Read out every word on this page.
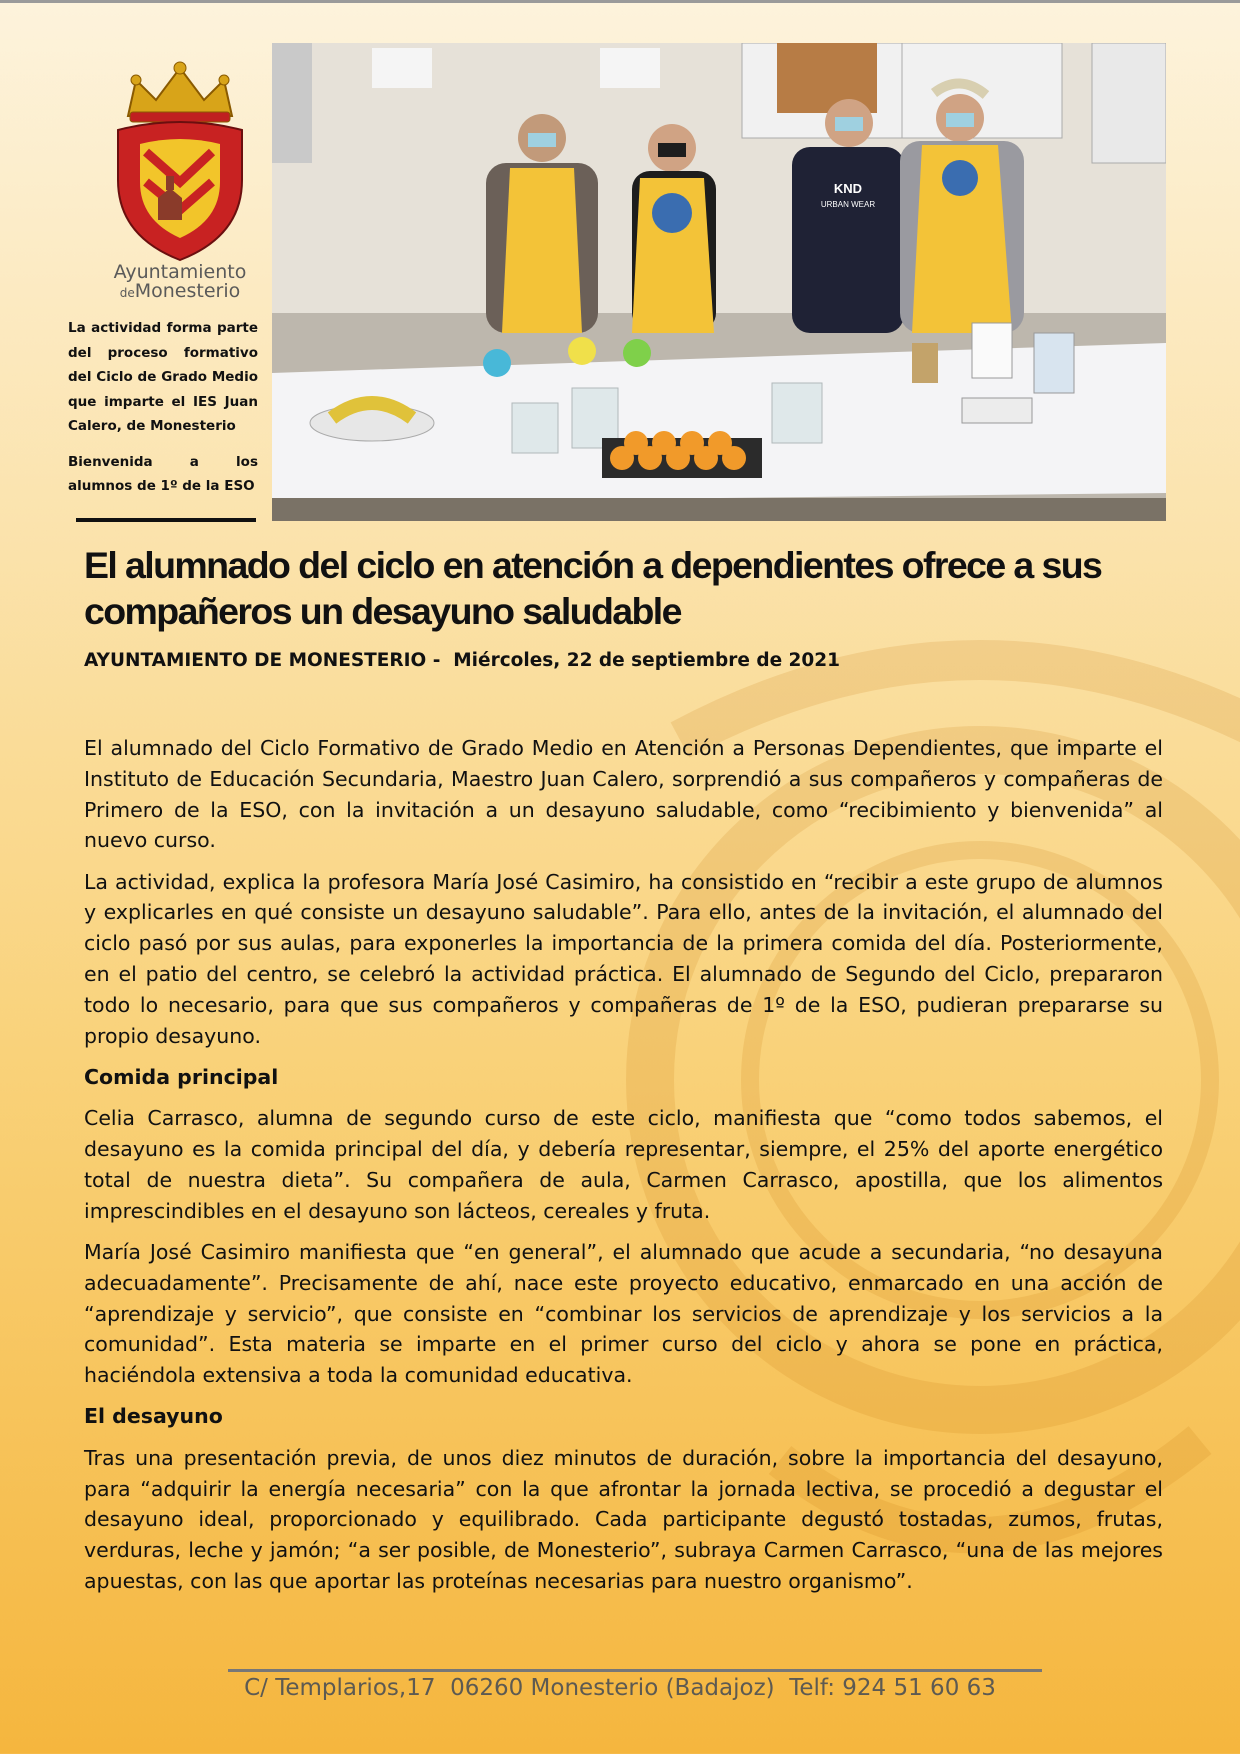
Ayuntamiento
deMonesterio

La actividad forma parte del proceso formativo del Ciclo de Grado Medio que imparte el IES Juan Calero, de Monesterio

Bienvenida a los alumnos de 1º de la ESO

KND
URBAN WEAR
El alumnado del ciclo en atención a dependientes ofrece a sus compañeros un desayuno saludable

AYUNTAMIENTO DE MONESTERIO -  Miércoles, 22 de septiembre de 2021

El alumnado del Ciclo Formativo de Grado Medio en Atención a Personas Dependientes, que imparte el Instituto de Educación Secundaria, Maestro Juan Calero, sorprendió a sus compañeros y compañeras de Primero de la ESO, con la invitación a un desayuno saludable, como “recibimiento y bienvenida” al nuevo curso.

La actividad, explica la profesora María José Casimiro, ha consistido en “recibir a este grupo de alumnos y explicarles en qué consiste un desayuno saludable”. Para ello, antes de la invitación, el alumnado del ciclo pasó por sus aulas, para exponerles la importancia de la primera comida del día. Posteriormente, en el patio del centro, se celebró la actividad práctica. El alumnado de Segundo del Ciclo, prepararon todo lo necesario, para que sus compañeros y compañeras de 1º de la ESO, pudieran prepararse su propio desayuno.

Comida principal

Celia Carrasco, alumna de segundo curso de este ciclo, manifiesta que “como todos sabemos, el desayuno es la comida principal del día, y debería representar, siempre, el 25% del aporte energético total de nuestra dieta”. Su compañera de aula, Carmen Carrasco, apostilla, que los alimentos imprescindibles en el desayuno son lácteos, cereales y fruta.

María José Casimiro manifiesta que “en general”, el alumnado que acude a secundaria, “no desayuna adecuadamente”. Precisamente de ahí, nace este proyecto educativo, enmarcado en una acción de “aprendizaje y servicio”, que consiste en “combinar los servicios de aprendizaje y los servicios a la comunidad”. Esta materia se imparte en el primer curso del ciclo y ahora se pone en práctica, haciéndola extensiva a toda la comunidad educativa.

El desayuno

Tras una presentación previa, de unos diez minutos de duración, sobre la importancia del desayuno, para “adquirir la energía necesaria” con la que afrontar la jornada lectiva, se procedió a degustar el desayuno ideal, proporcionado y equilibrado. Cada participante degustó tostadas, zumos, frutas, verduras, leche y jamón; “a ser posible, de Monesterio”, subraya Carmen Carrasco, “una de las mejores apuestas, con las que aportar las proteínas necesarias para nuestro organismo”.

C/ Templarios,17  06260 Monesterio (Badajoz)  Telf: 924 51 60 63
